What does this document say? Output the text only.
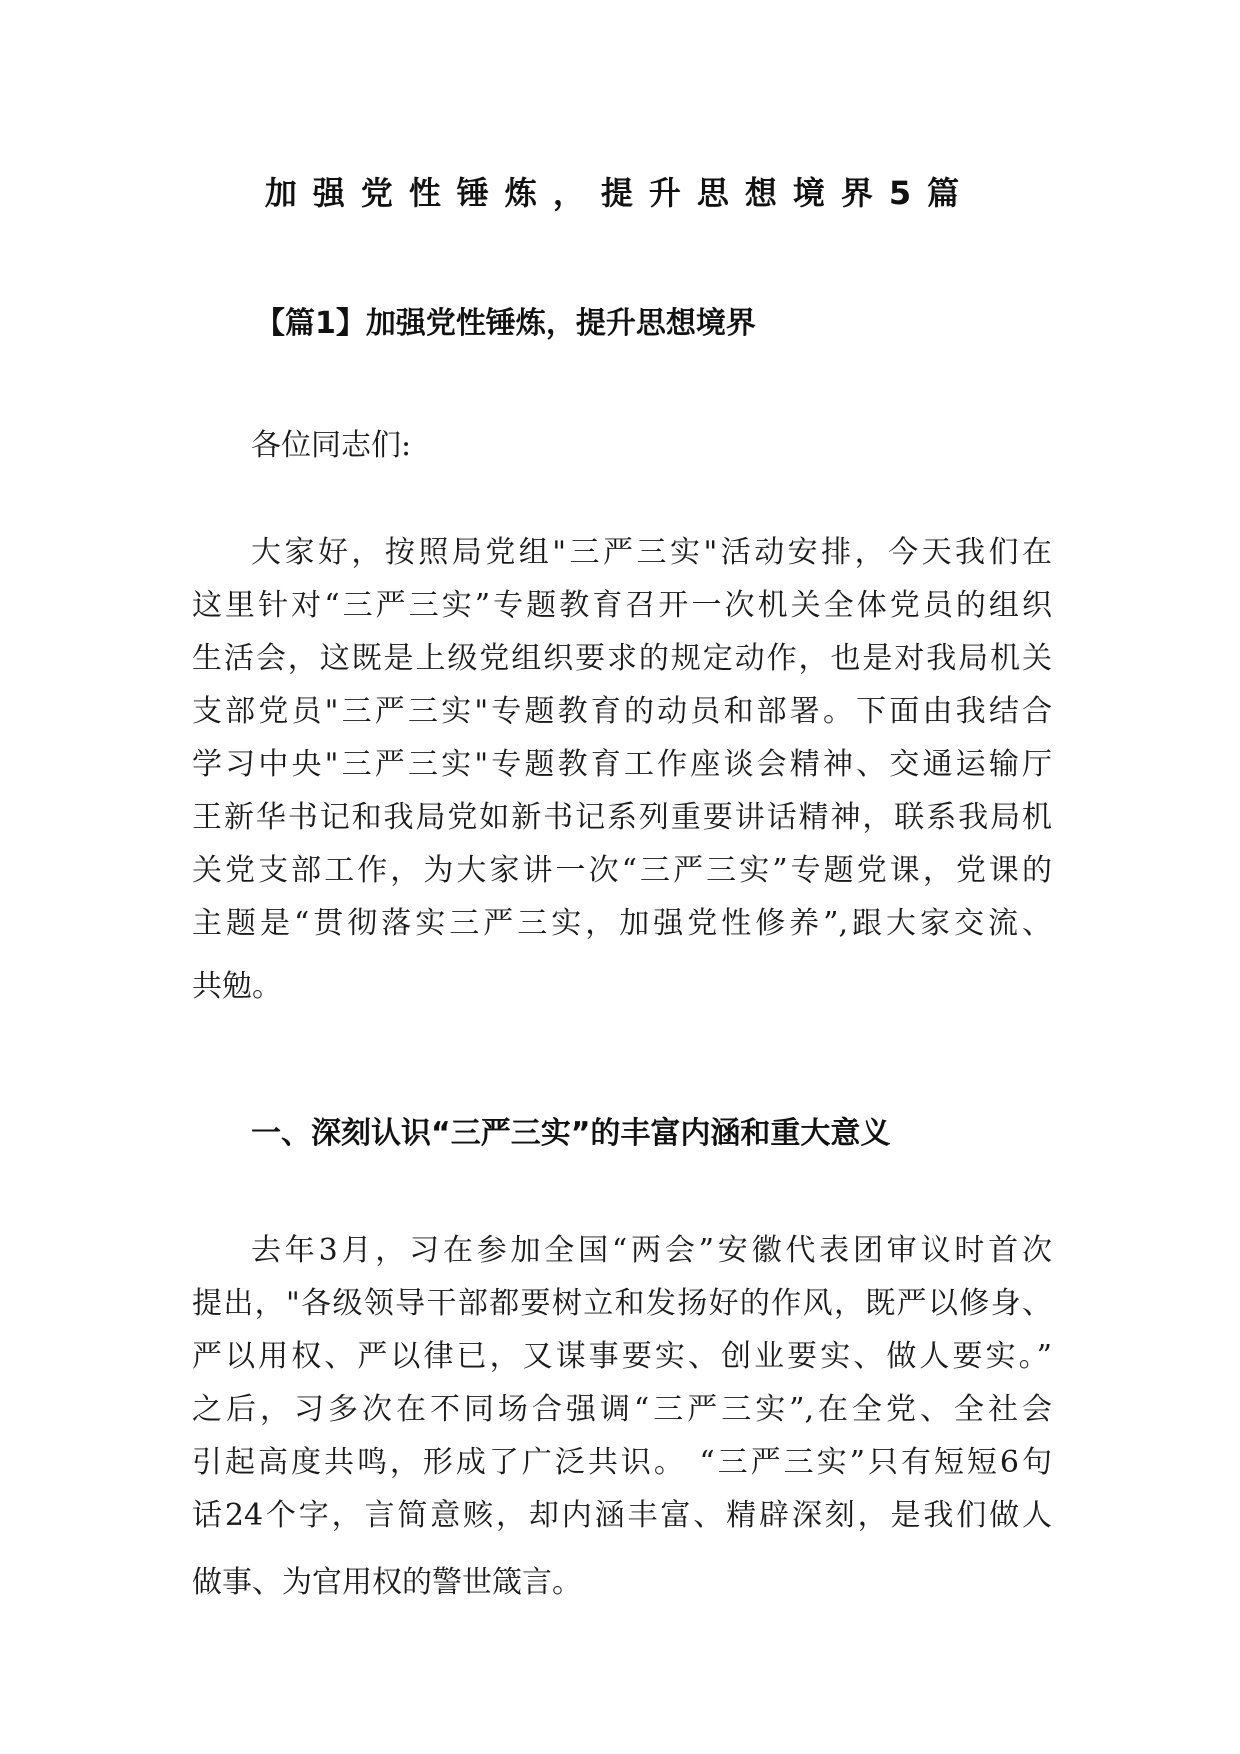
加强党性锤炼，提升思想境界5篇
【篇1】加强党性锤炼，提升思想境界
各位同志们:
大家好，按照局党组"三严三实"活动安排，今天我们在
这里针对“三严三实”专题教育召开一次机关全体党员的组织
生活会，这既是上级党组织要求的规定动作，也是对我局机关
支部党员"三严三实"专题教育的动员和部署。下面由我结合
学习中央"三严三实"专题教育工作座谈会精神、交通运输厅
王新华书记和我局党如新书记系列重要讲话精神，联系我局机
关党支部工作，为大家讲一次“三严三实”专题党课，党课的
主题是“贯彻落实三严三实，加强党性修养”,跟大家交流、
共勉。
一、深刻认识“三严三实”的丰富内涵和重大意义
去年3月，习在参加全国“两会”安徽代表团审议时首次
提出，"各级领导干部都要树立和发扬好的作风，既严以修身、
严以用权、严以律已，又谋事要实、创业要实、做人要实。”
之后，习多次在不同场合强调“三严三实”,在全党、全社会
引起高度共鸣，形成了广泛共识。 “三严三实”只有短短6句
话24个字，言简意赅，却内涵丰富、精辟深刻，是我们做人
做事、为官用权的警世箴言。
